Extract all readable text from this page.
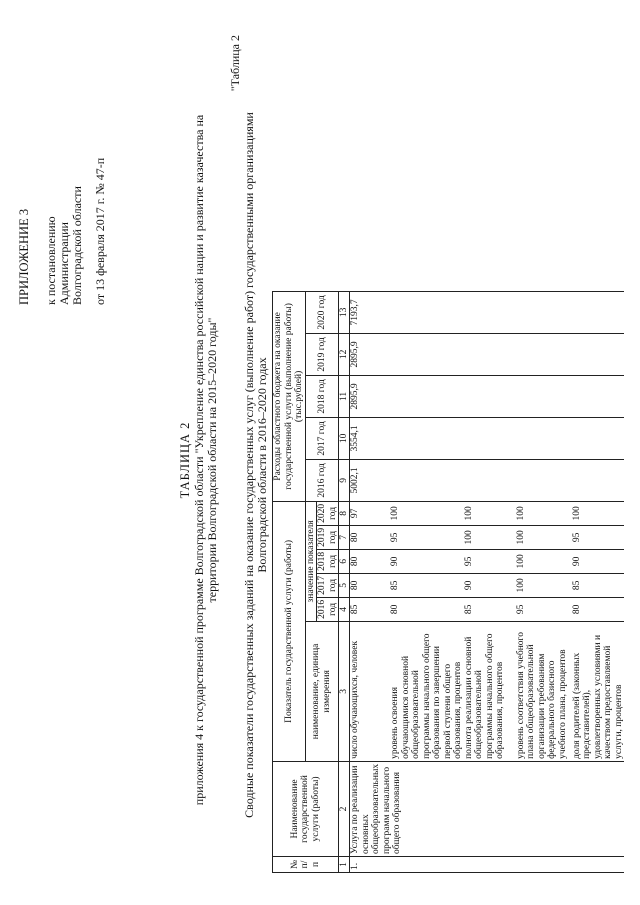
ПРИЛОЖЕНИЕ 3 к постановлению Администрации Волгоградской области от 13 февраля 2017 г. № 47-п
ТАБЛИЦА 2 приложения 4 к государственной программе Волгоградской области "Укрепление единства российской нации и развитие казачества на территории Волгоградской области на 2015–2020 годы"
"Таблица 2
Сводные показатели государственных заданий на оказание государственных услуг (выполнение работ) государственными организациями Волгоградской области в 2016–2020 годах
№ п/п	Наименование государственной услуги (работы)	Показатель государственной услуги (работы)						Расходы областного бюджета на оказание государственной услуги (выполнение работы) (тыс.рублей)				
		наименование, единица измерения	значение показателя					2016 год	2017 год	2018 год	2019 год	2020 год
			2016 год	2017 год	2018 год	2019 год	2020 год					
1	2	3	4	5	6	7	8	9	10	11	12	13
1.	Услуга по реализации основных общеобразовательных программ начального общего образования	число обучающихся, человек	85	80	80	80	97	5002,1	3554,1	2895,9	2895,9	7193,7
		уровень освоения обучающимися основной общеобразовательной программы начального общего образования по завершении первой ступени общего образования, процентов	80	85	90	95	100					
		полнота реализации основной общеобразовательной программы начального общего образования, процентов	85	90	95	100	100					
		уровень соответствия учебного плана общеобразовательной организации требованиям федерального базисного учебного плана, процентов	95	100	100	100	100					
		доля родителей (законных представителей), удовлетворенных условиями и качеством предоставляемой услуги, процентов	80	85	90	95	100					
